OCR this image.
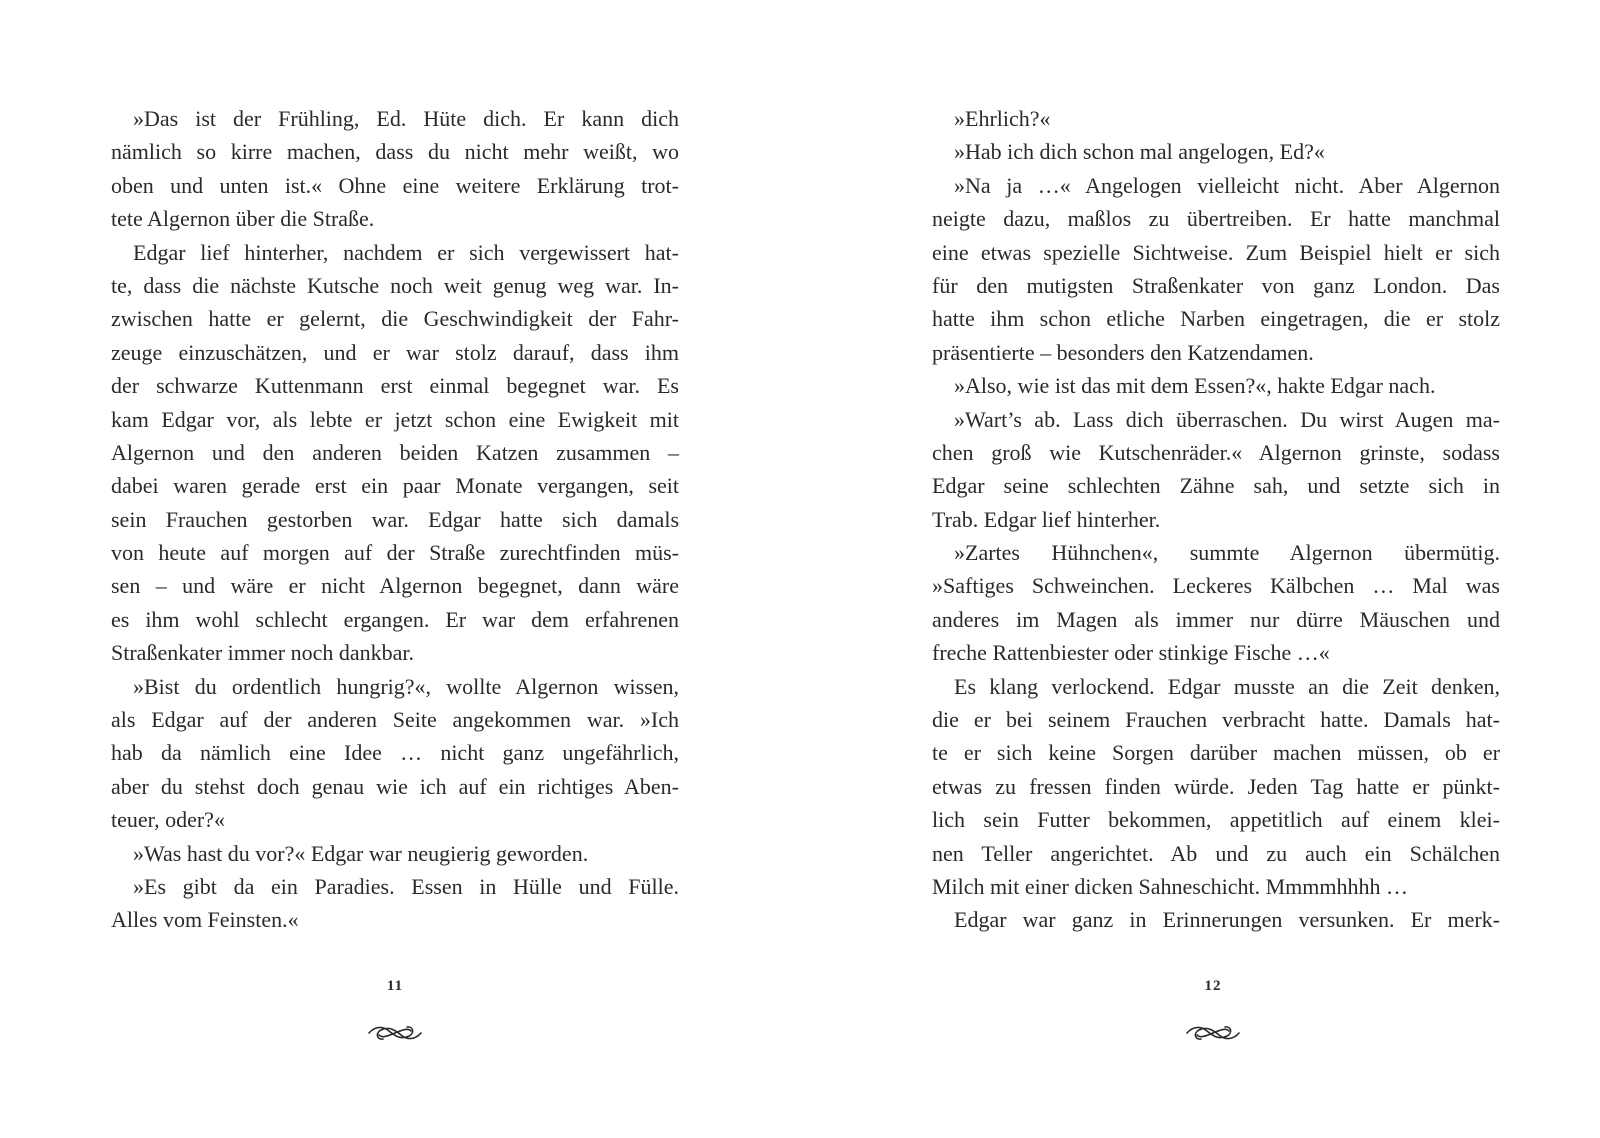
»Das ist der Frühling, Ed. Hüte dich. Er kann dich
nämlich so kirre machen, dass du nicht mehr weißt, wo
oben und unten ist.« Ohne eine weitere Erklärung trot-
tete Algernon über die Straße.
Edgar lief hinterher, nachdem er sich vergewissert hat-
te, dass die nächste Kutsche noch weit genug weg war. In-
zwischen hatte er gelernt, die Geschwindigkeit der Fahr-
zeuge einzuschätzen, und er war stolz darauf, dass ihm
der schwarze Kuttenmann erst einmal begegnet war. Es
kam Edgar vor, als lebte er jetzt schon eine Ewigkeit mit
Algernon und den anderen beiden Katzen zusammen –
dabei waren gerade erst ein paar Monate vergangen, seit
sein Frauchen gestorben war. Edgar hatte sich damals
von heute auf morgen auf der Straße zurechtfinden müs-
sen – und wäre er nicht Algernon begegnet, dann wäre
es ihm wohl schlecht ergangen. Er war dem erfahrenen
Straßenkater immer noch dankbar.
»Bist du ordentlich hungrig?«, wollte Algernon wissen,
als Edgar auf der anderen Seite angekommen war. »Ich
hab da nämlich eine Idee … nicht ganz ungefährlich,
aber du stehst doch genau wie ich auf ein richtiges Aben-
teuer, oder?«
»Was hast du vor?« Edgar war neugierig geworden.
»Es gibt da ein Paradies. Essen in Hülle und Fülle.
Alles vom Feinsten.«
»Ehrlich?«
»Hab ich dich schon mal angelogen, Ed?«
»Na ja …« Angelogen vielleicht nicht. Aber Algernon
neigte dazu, maßlos zu übertreiben. Er hatte manchmal
eine etwas spezielle Sichtweise. Zum Beispiel hielt er sich
für den mutigsten Straßenkater von ganz London. Das
hatte ihm schon etliche Narben eingetragen, die er stolz
präsentierte – besonders den Katzendamen.
»Also, wie ist das mit dem Essen?«, hakte Edgar nach.
»Wart’s ab. Lass dich überraschen. Du wirst Augen ma-
chen groß wie Kutschenräder.« Algernon grinste, sodass
Edgar seine schlechten Zähne sah, und setzte sich in
Trab. Edgar lief hinterher.
»Zartes Hühnchen«, summte Algernon übermütig.
»Saftiges Schweinchen. Leckeres Kälbchen … Mal was
anderes im Magen als immer nur dürre Mäuschen und
freche Rattenbiester oder stinkige Fische …«
Es klang verlockend. Edgar musste an die Zeit denken,
die er bei seinem Frauchen verbracht hatte. Damals hat-
te er sich keine Sorgen darüber machen müssen, ob er
etwas zu fressen finden würde. Jeden Tag hatte er pünkt-
lich sein Futter bekommen, appetitlich auf einem klei-
nen Teller angerichtet. Ab und zu auch ein Schälchen
Milch mit einer dicken Sahneschicht. Mmmmhhhh …
Edgar war ganz in Erinnerungen versunken. Er merk-
11	12
